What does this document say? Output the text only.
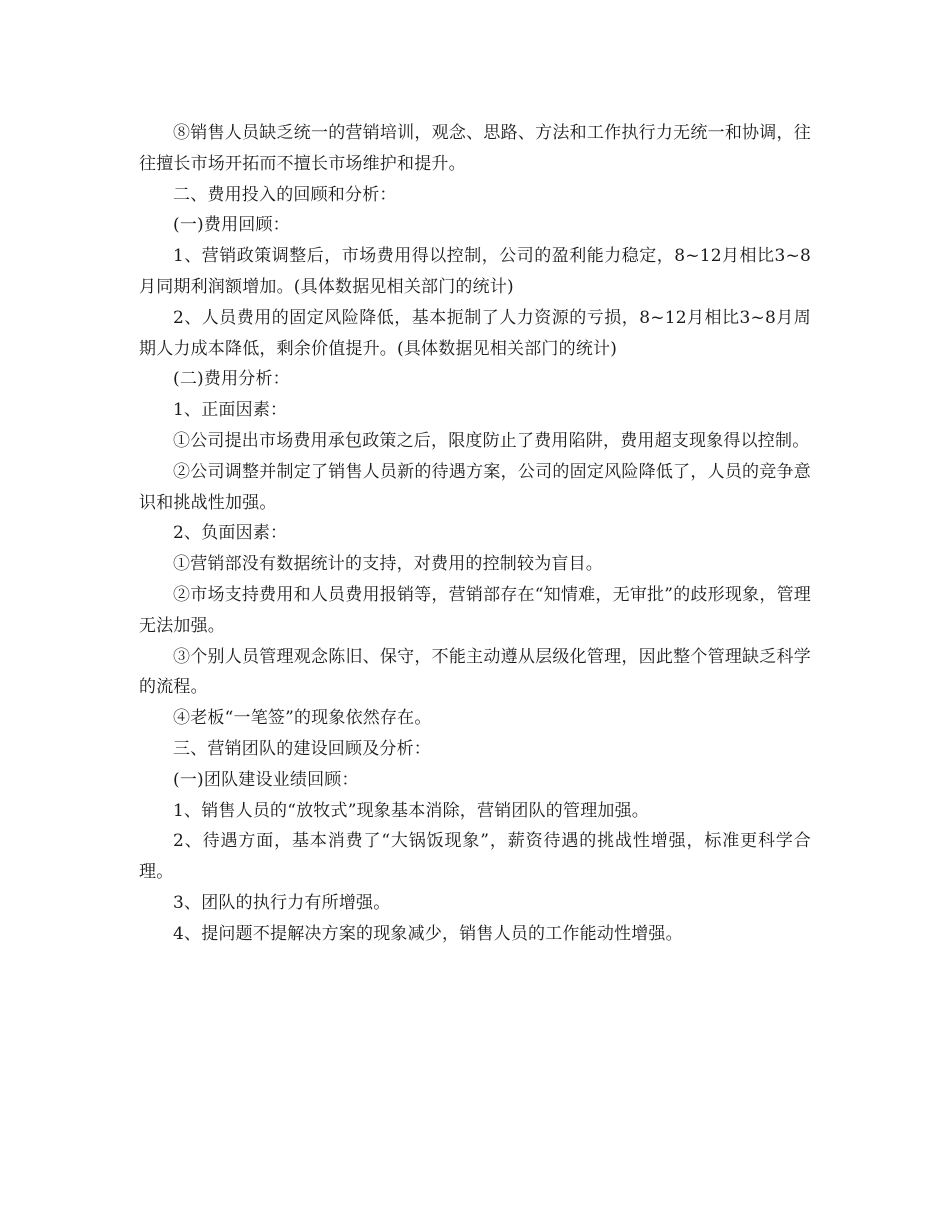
⑧销售人员缺乏统一的营销培训，观念、思路、方法和工作执行力无统一和协调，往往擅长市场开拓而不擅长市场维护和提升。

二、费用投入的回顾和分析：

(一)费用回顾：

1、营销政策调整后，市场费用得以控制，公司的盈利能力稳定，8~12月相比3~8月同期利润额增加。(具体数据见相关部门的统计)

2、人员费用的固定风险降低，基本扼制了人力资源的亏损，8~12月相比3~8月周期人力成本降低，剩余价值提升。(具体数据见相关部门的统计)

(二)费用分析：

1、正面因素：

①公司提出市场费用承包政策之后，限度防止了费用陷阱，费用超支现象得以控制。

②公司调整并制定了销售人员新的待遇方案，公司的固定风险降低了，人员的竞争意识和挑战性加强。

2、负面因素：

①营销部没有数据统计的支持，对费用的控制较为盲目。

②市场支持费用和人员费用报销等，营销部存在“知情难，无审批”的歧形现象，管理无法加强。

③个别人员管理观念陈旧、保守，不能主动遵从层级化管理，因此整个管理缺乏科学的流程。

④老板“一笔签”的现象依然存在。

三、营销团队的建设回顾及分析：

(一)团队建设业绩回顾：

1、销售人员的“放牧式”现象基本消除，营销团队的管理加强。

2、待遇方面，基本消费了“大锅饭现象”，薪资待遇的挑战性增强，标准更科学合理。

3、团队的执行力有所增强。

4、提问题不提解决方案的现象减少，销售人员的工作能动性增强。
